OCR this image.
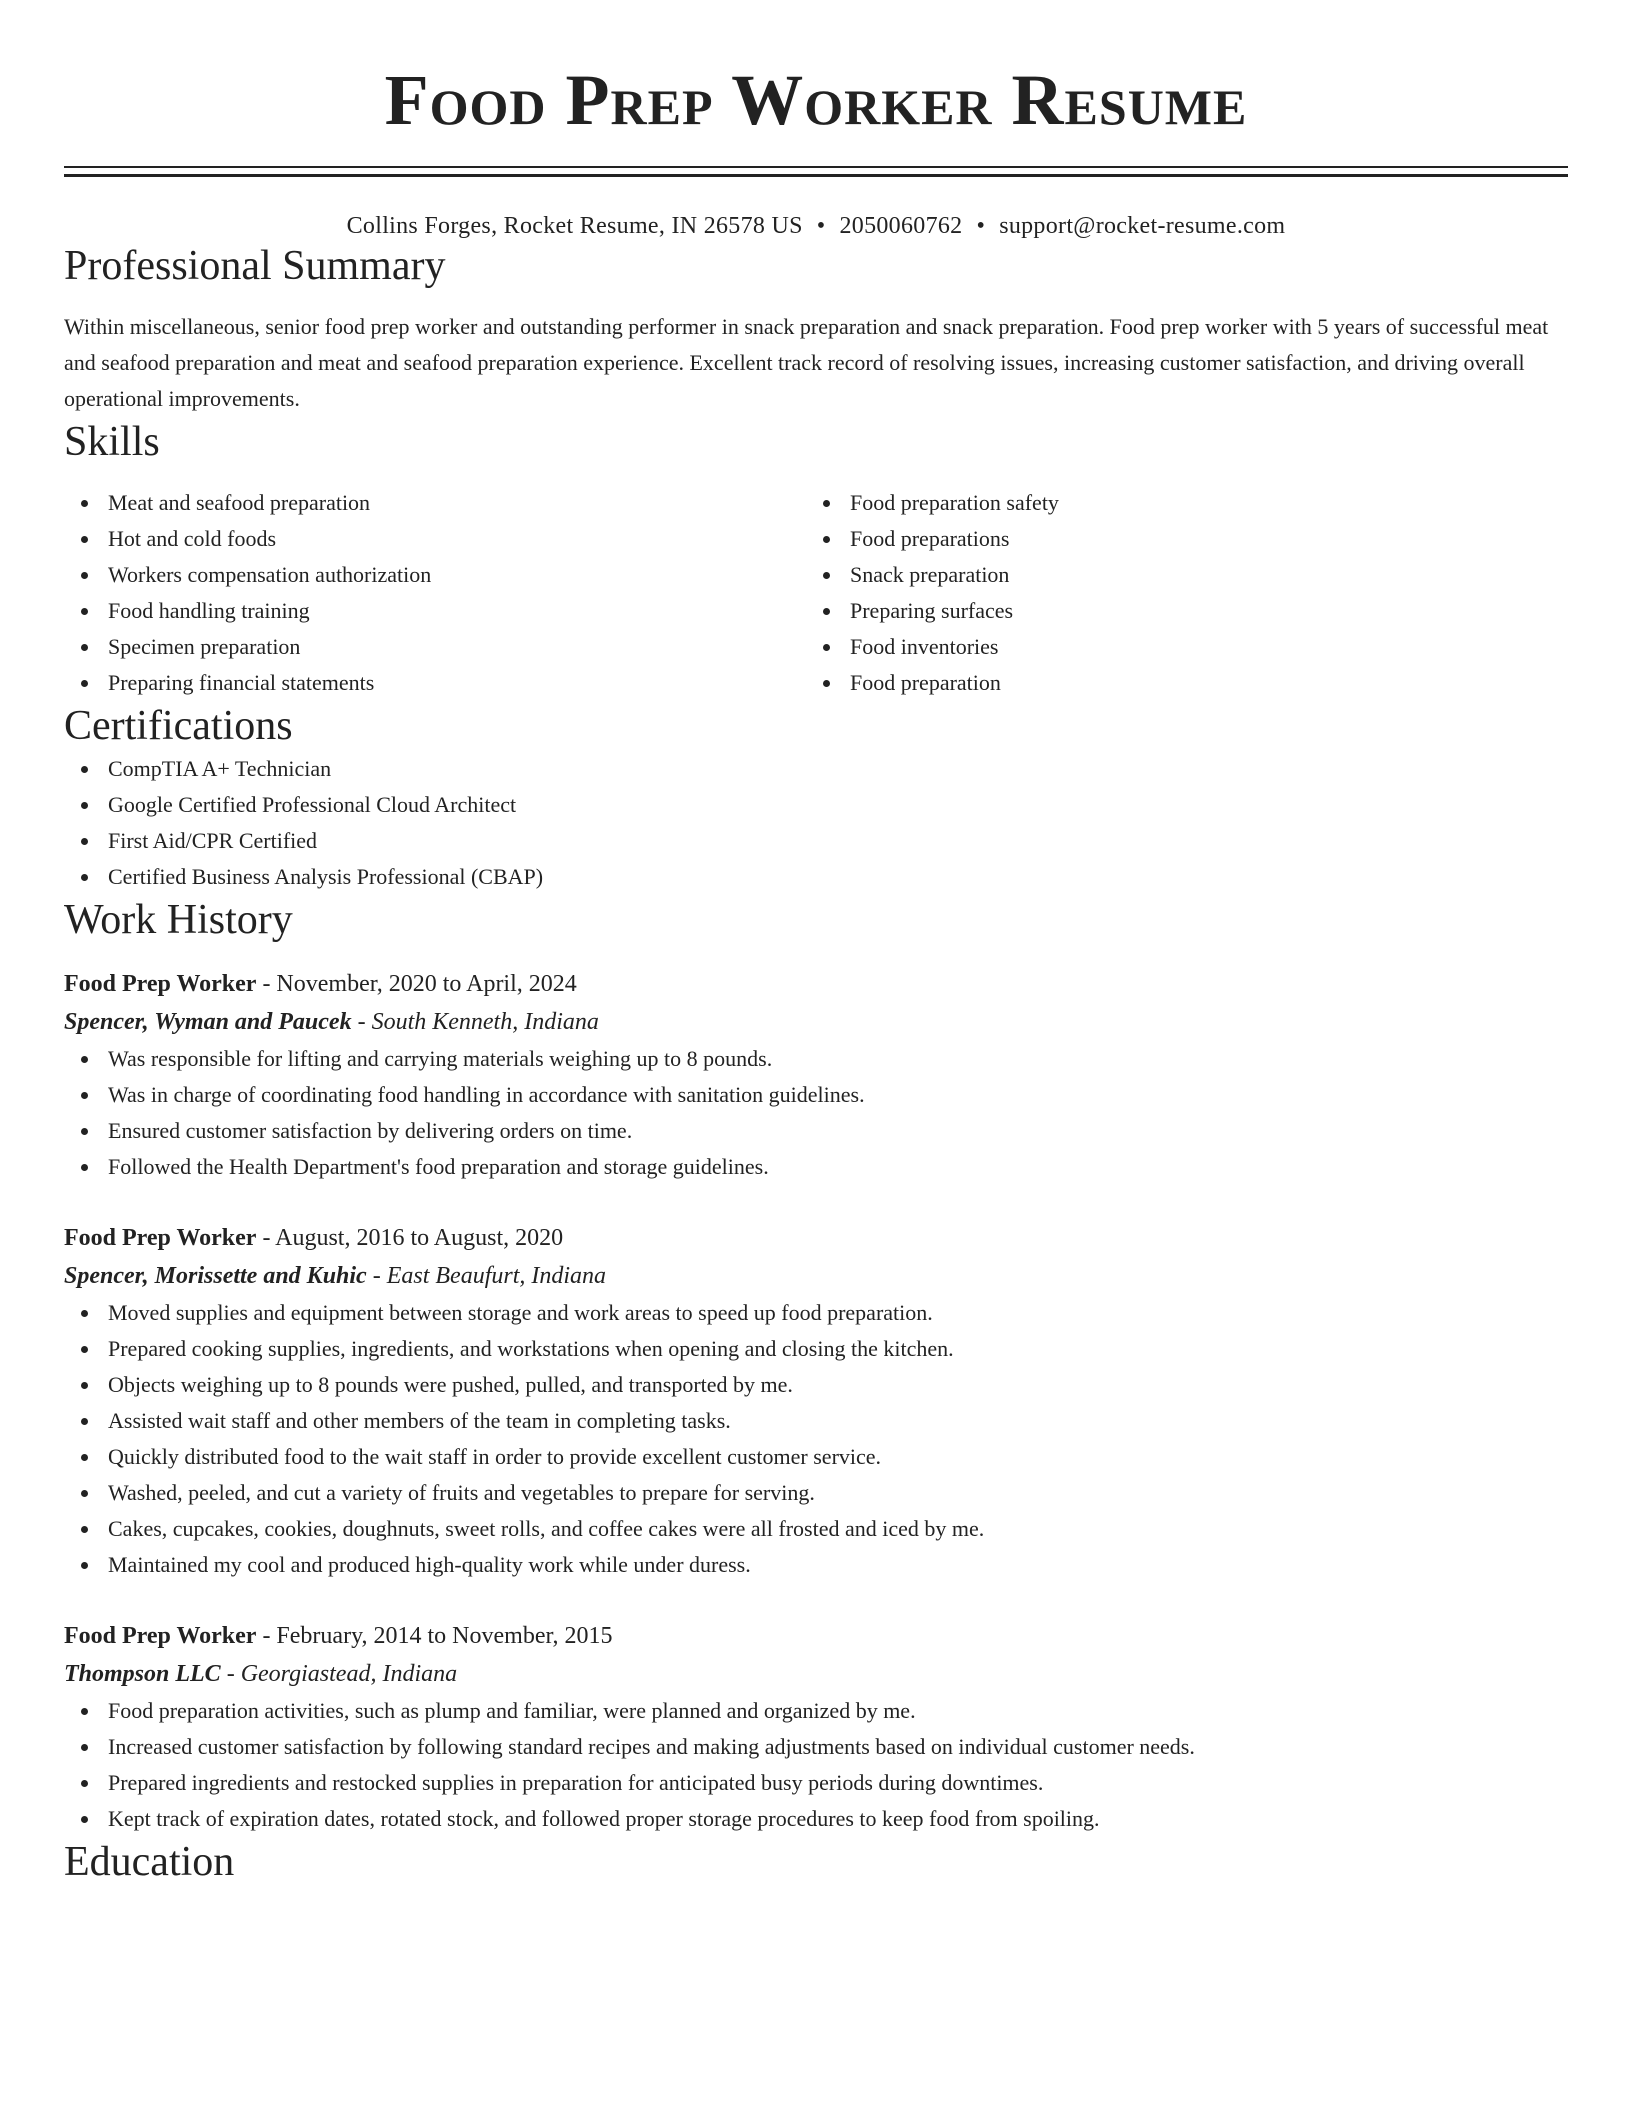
Food Prep Worker Resume
Collins Forges, Rocket Resume, IN 26578 US • 2050060762 • support@rocket-resume.com
Professional Summary
Within miscellaneous, senior food prep worker and outstanding performer in snack preparation and snack preparation. Food prep worker with 5 years of successful meat and seafood preparation and meat and seafood preparation experience. Excellent track record of resolving issues, increasing customer satisfaction, and driving overall operational improvements.
Skills
Meat and seafood preparation
Hot and cold foods
Workers compensation authorization
Food handling training
Specimen preparation
Preparing financial statements
Food preparation safety
Food preparations
Snack preparation
Preparing surfaces
Food inventories
Food preparation
Certifications
CompTIA A+ Technician
Google Certified Professional Cloud Architect
First Aid/CPR Certified
Certified Business Analysis Professional (CBAP)
Work History
Food Prep Worker - November, 2020 to April, 2024
Spencer, Wyman and Paucek - South Kenneth, Indiana
Was responsible for lifting and carrying materials weighing up to 8 pounds.
Was in charge of coordinating food handling in accordance with sanitation guidelines.
Ensured customer satisfaction by delivering orders on time.
Followed the Health Department's food preparation and storage guidelines.
Food Prep Worker - August, 2016 to August, 2020
Spencer, Morissette and Kuhic - East Beaufurt, Indiana
Moved supplies and equipment between storage and work areas to speed up food preparation.
Prepared cooking supplies, ingredients, and workstations when opening and closing the kitchen.
Objects weighing up to 8 pounds were pushed, pulled, and transported by me.
Assisted wait staff and other members of the team in completing tasks.
Quickly distributed food to the wait staff in order to provide excellent customer service.
Washed, peeled, and cut a variety of fruits and vegetables to prepare for serving.
Cakes, cupcakes, cookies, doughnuts, sweet rolls, and coffee cakes were all frosted and iced by me.
Maintained my cool and produced high-quality work while under duress.
Food Prep Worker - February, 2014 to November, 2015
Thompson LLC - Georgiastead, Indiana
Food preparation activities, such as plump and familiar, were planned and organized by me.
Increased customer satisfaction by following standard recipes and making adjustments based on individual customer needs.
Prepared ingredients and restocked supplies in preparation for anticipated busy periods during downtimes.
Kept track of expiration dates, rotated stock, and followed proper storage procedures to keep food from spoiling.
Education
